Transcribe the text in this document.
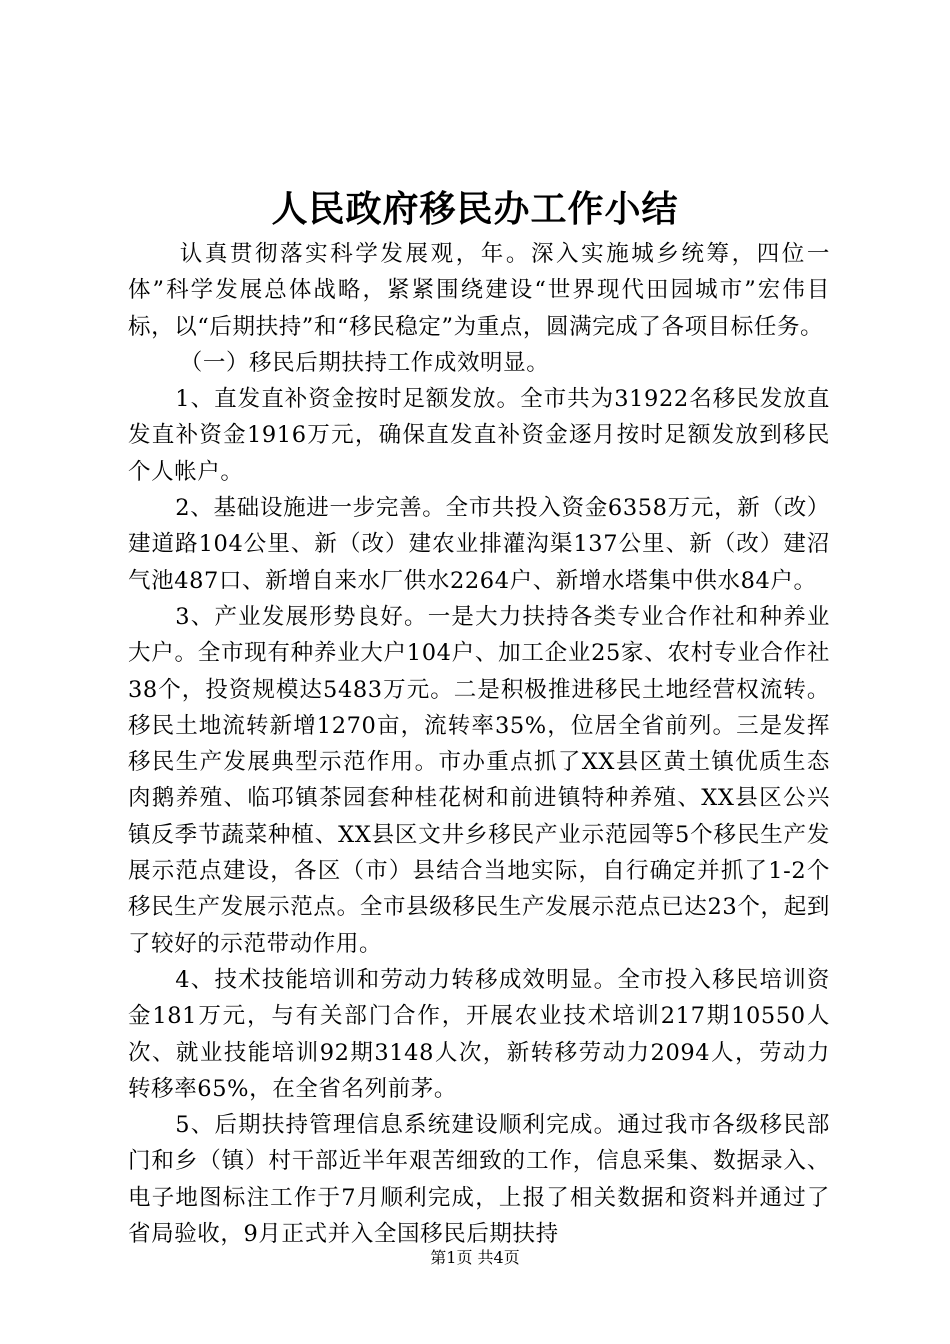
人民政府移民办工作小结

认真贯彻落实科学发展观，年。深入实施城乡统筹，四位一体”科学发展总体战略，紧紧围绕建设“世界现代田园城市”宏伟目标，以“后期扶持”和“移民稳定”为重点，圆满完成了各项目标任务。

（一）移民后期扶持工作成效明显。

1、直发直补资金按时足额发放。全市共为31922名移民发放直发直补资金1916万元，确保直发直补资金逐月按时足额发放到移民个人帐户。

2、基础设施进一步完善。全市共投入资金6358万元，新（改）建道路104公里、新（改）建农业排灌沟渠137公里、新（改）建沼气池487口、新增自来水厂供水2264户、新增水塔集中供水84户。

3、产业发展形势良好。一是大力扶持各类专业合作社和种养业大户。全市现有种养业大户104户、加工企业25家、农村专业合作社38个，投资规模达5483万元。二是积极推进移民土地经营权流转。移民土地流转新增1270亩，流转率35%，位居全省前列。三是发挥移民生产发展典型示范作用。市办重点抓了XX县区黄土镇优质生态肉鹅养殖、临邛镇茶园套种桂花树和前进镇特种养殖、XX县区公兴镇反季节蔬菜种植、XX县区文井乡移民产业示范园等5个移民生产发展示范点建设，各区（市）县结合当地实际，自行确定并抓了1-2个移民生产发展示范点。全市县级移民生产发展示范点已达23个，起到了较好的示范带动作用。

4、技术技能培训和劳动力转移成效明显。全市投入移民培训资金181万元，与有关部门合作，开展农业技术培训217期10550人次、就业技能培训92期3148人次，新转移劳动力2094人，劳动力转移率65%，在全省名列前茅。

5、后期扶持管理信息系统建设顺利完成。通过我市各级移民部门和乡（镇）村干部近半年艰苦细致的工作，信息采集、数据录入、电子地图标注工作于7月顺利完成，上报了相关数据和资料并通过了省局验收，9月正式并入全国移民后期扶持

第1页 共4页
